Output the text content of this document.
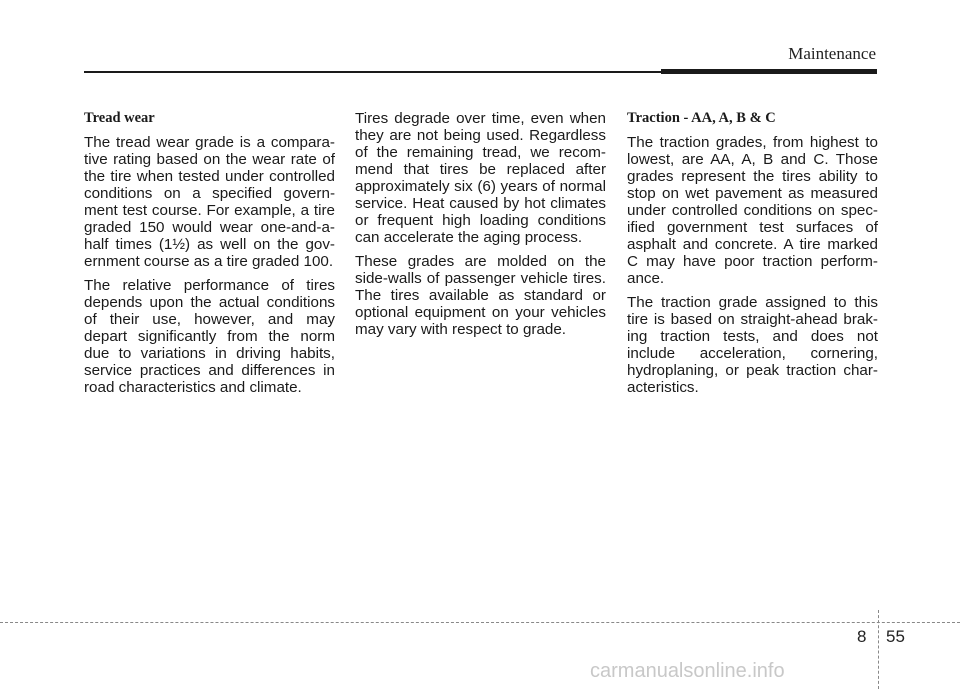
Maintenance
Tread wear

The tread wear grade is a compara-tive rating based on the wear rate of the tire when tested under controlled conditions on a specified govern-ment test course. For example, a tire graded 150 would wear one-and-a-half times (1½) as well on the gov-ernment course as a tire graded 100.

The relative performance of tires depends upon the actual conditions of their use, however, and may depart significantly from the norm due to variations in driving habits, service practices and differences in road characteristics and climate.

Tires degrade over time, even when they are not being used. Regardless of the remaining tread, we recom-mend that tires be replaced after approximately six (6) years of normal service. Heat caused by hot climates or frequent high loading conditions can accelerate the aging process.

These grades are molded on the side-walls of passenger vehicle tires. The tires available as standard or optional equipment on your vehicles may vary with respect to grade.

Traction - AA, A, B & C

The traction grades, from highest to lowest, are AA, A, B and C. Those grades represent the tires ability to stop on wet pavement as measured under controlled conditions on spec-ified government test surfaces of asphalt and concrete. A tire marked C may have poor traction perform-ance.

The traction grade assigned to this tire is based on straight-ahead brak-ing traction tests, and does not include acceleration, cornering, hydroplaning, or peak traction char-acteristics.

8 55
carmanualsonline.info
